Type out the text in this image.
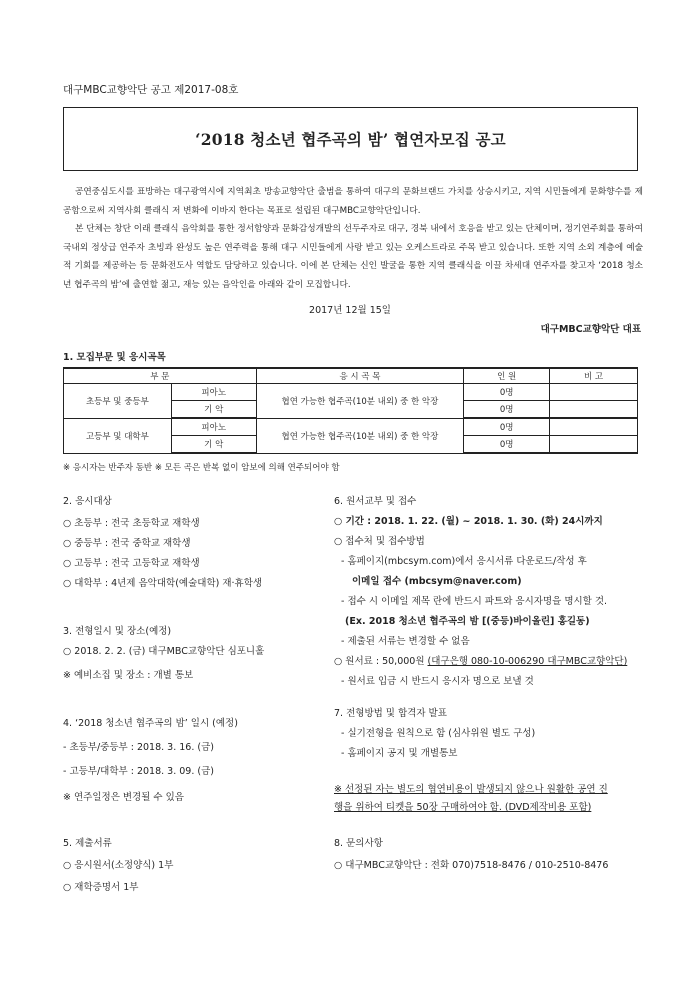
대구MBC교향악단 공고 제2017-08호
‘2018 청소년 협주곡의 밤’ 협연자모집 공고

공연중심도시를 표방하는 대구광역시에 지역최초 방송교향악단 출범을 통하여 대구의 문화브랜드 가치를 상승시키고, 지역 시민들에게 문화향수를 제공함으로써 지역사회 클래식 저 변화에 이바지 한다는 목표로 설립된 대구MBC교향악단입니다.

본 단체는 창단 이래 클래식 음악회를 통한 정서함양과 문화감성개발의 선두주자로 대구, 경북 내에서 호응을 받고 있는 단체이며, 정기연주회를 통하여 국내외 정상급 연주자 초빙과 완성도 높은 연주력을 통해 대구 시민들에게 사랑 받고 있는 오케스트라로 주목 받고 있습니다. 또한 지역 소외 계층에 예술적 기회를 제공하는 등 문화전도사 역할도 담당하고 있습니다. 이에 본 단체는 신인 발굴을 통한 지역 클래식을 이끌 차세대 연주자를 찾고자 ‘2018 청소년 협주곡의 밤’에 출연할 젊고, 재능 있는 음악인을 아래와 같이 모집합니다.

2017년 12월 15일
대구MBC교향악단 대표
1. 모집부문 및 응시곡목
부 문		응 시 곡 목	인 원	비 고
초등부 및 중등부	피아노	협연 가능한 협주곡(10분 내외) 중 한 악장	0명	
	기 악		0명	
고등부 및 대학부	피아노	협연 가능한 협주곡(10분 내외) 중 한 악장	0명	
	기 악		0명	
※ 응시자는 반주자 동반 ※ 모든 곡은 반복 없이 암보에 의해 연주되어야 함
2. 응시대상
○ 초등부 : 전국 초등학교 재학생
○ 중등부 : 전국 중학교 재학생
○ 고등부 : 전국 고등학교 재학생
○ 대학부 : 4년제 음악대학(예술대학) 재·휴학생
3. 전형일시 및 장소(예정)
○ 2018. 2. 2. (금) 대구MBC교향악단 심포니홀
※ 예비소집 및 장소 : 개별 통보
4. ‘2018 청소년 협주곡의 밤’ 일시 (예정)
- 초등부/중등부 : 2018. 3. 16. (금)
- 고등부/대학부 : 2018. 3. 09. (금)
※ 연주일정은 변경될 수 있음
5. 제출서류
○ 응시원서(소정양식) 1부
○ 재학증명서 1부
6. 원서교부 및 접수
○ 기간 : 2018. 1. 22. (월) ~ 2018. 1. 30. (화) 24시까지
○ 접수처 및 접수방법
- 홈페이지(mbcsym.com)에서 응시서류 다운로드/작성 후
이메일 접수 (mbcsym@naver.com)
- 접수 시 이메일 제목 란에 반드시 파트와 응시자명을 명시할 것.
(Ex. 2018 청소년 협주곡의 밤 [(중등)바이올린] 홍길동)
- 제출된 서류는 변경할 수 없음
○ 원서료 : 50,000원 (대구은행 080-10-006290 대구MBC교향악단)
- 원서료 입금 시 반드시 응시자 명으로 보낼 것
7. 전형방법 및 합격자 발표
- 실기전형을 원칙으로 함 (심사위원 별도 구성)
- 홈페이지 공지 및 개별통보
※ 선정된 자는 별도의 협연비용이 발생되지 않으나 원활한 공연 진
행을 위하여 티켓을 50장 구매하여야 함. (DVD제작비용 포함)
8. 문의사항
○ 대구MBC교향악단 : 전화 070)7518-8476 / 010-2510-8476
